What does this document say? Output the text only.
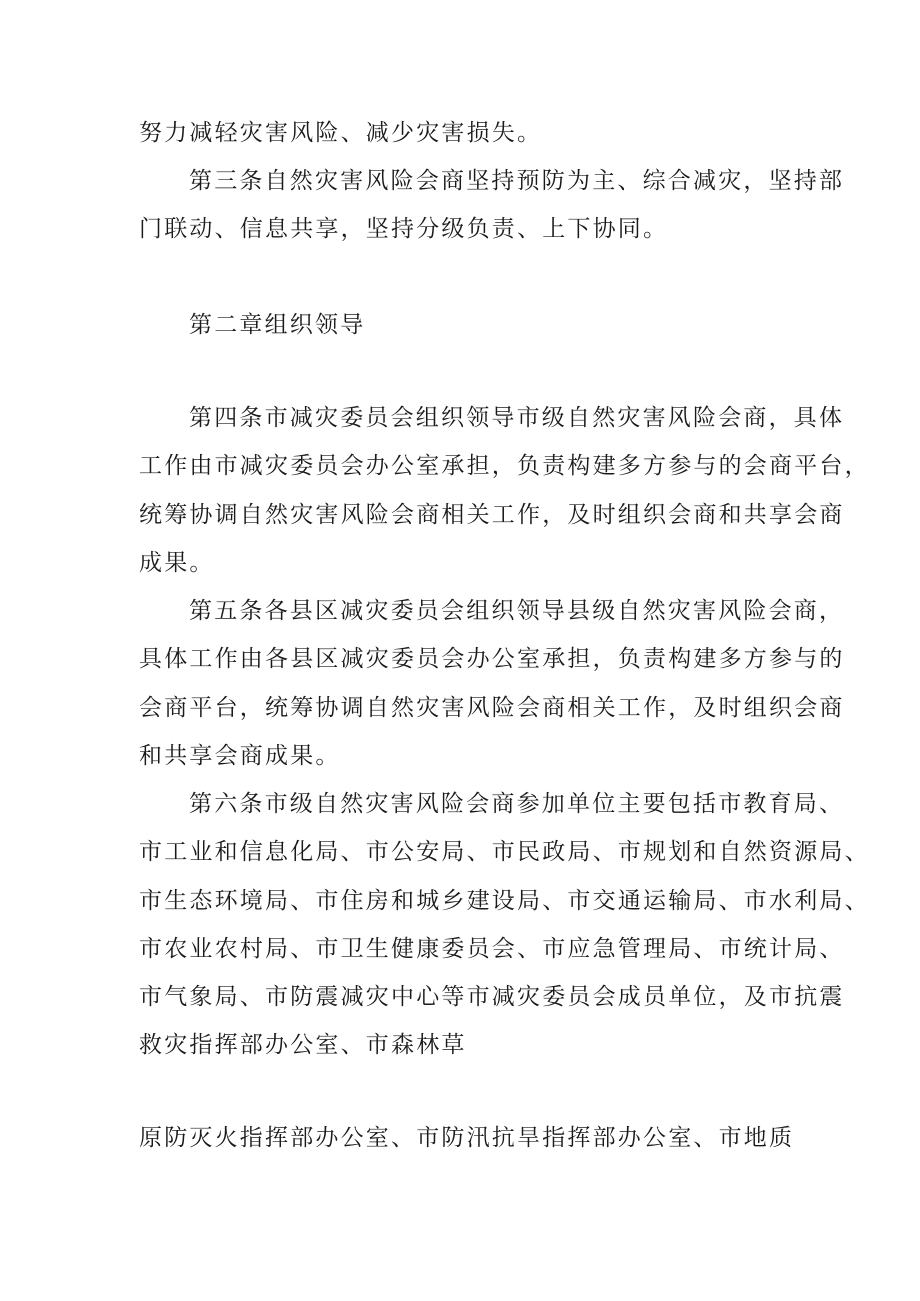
努力减轻灾害风险、减少灾害损失。
第三条自然灾害风险会商坚持预防为主、综合减灾，坚持部
门联动、信息共享，坚持分级负责、上下协同。
第二章组织领导
第四条市减灾委员会组织领导市级自然灾害风险会商，具体
工作由市减灾委员会办公室承担，负责构建多方参与的会商平台，
统筹协调自然灾害风险会商相关工作，及时组织会商和共享会商
成果。
第五条各县区减灾委员会组织领导县级自然灾害风险会商，
具体工作由各县区减灾委员会办公室承担，负责构建多方参与的
会商平台，统筹协调自然灾害风险会商相关工作，及时组织会商
和共享会商成果。
第六条市级自然灾害风险会商参加单位主要包括市教育局、
市工业和信息化局、市公安局、市民政局、市规划和自然资源局、
市生态环境局、市住房和城乡建设局、市交通运输局、市水利局、
市农业农村局、市卫生健康委员会、市应急管理局、市统计局、
市气象局、市防震减灾中心等市减灾委员会成员单位，及市抗震
救灾指挥部办公室、市森林草
原防灭火指挥部办公室、市防汛抗旱指挥部办公室、市地质
